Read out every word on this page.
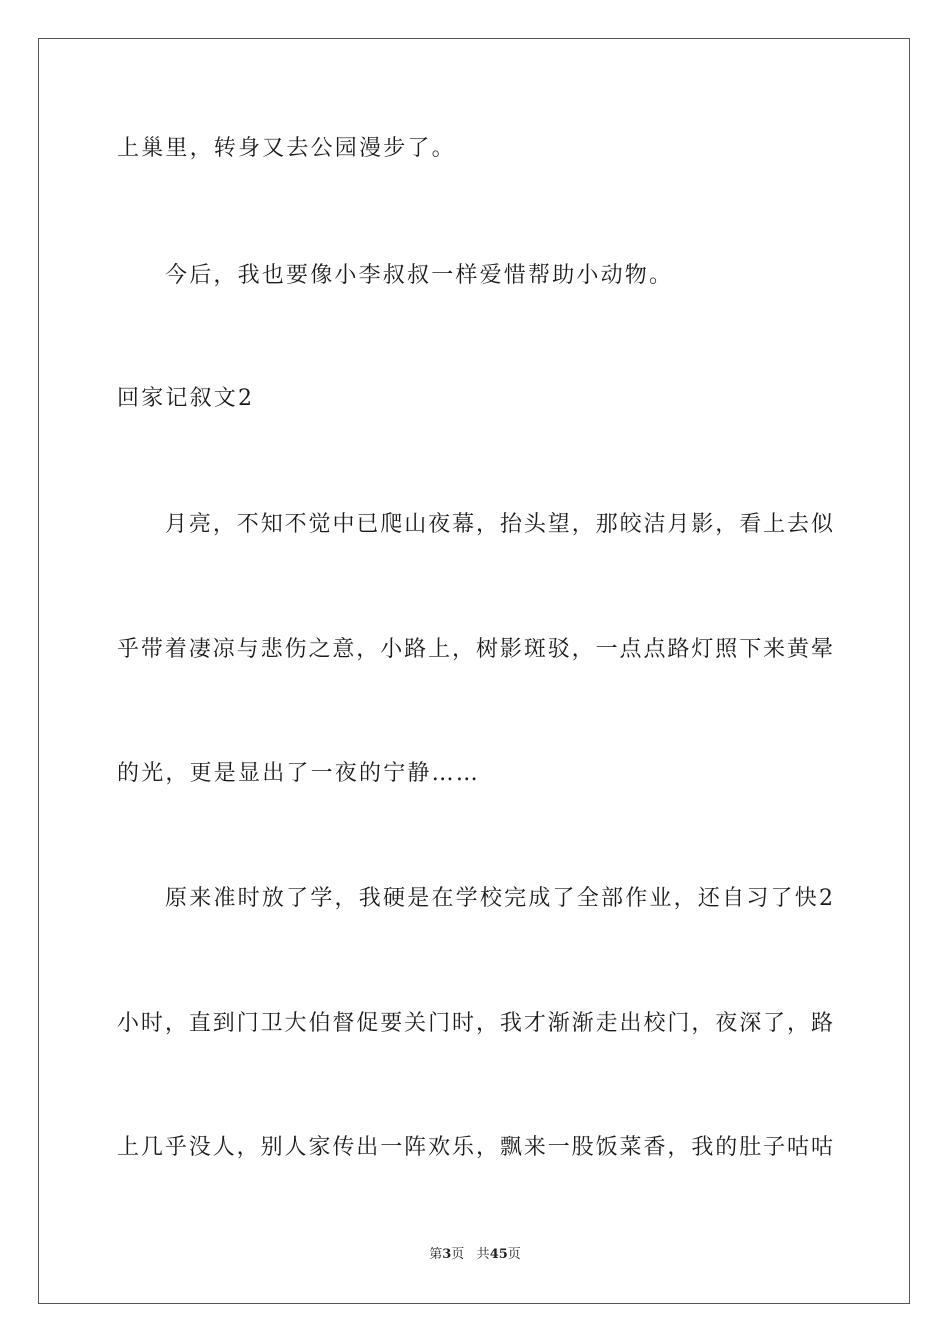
上巢里，转身又去公园漫步了。
今后，我也要像小李叔叔一样爱惜帮助小动物。
回家记叙文2
月亮，不知不觉中已爬山夜幕，抬头望，那皎洁月影，看上去似
乎带着凄凉与悲伤之意，小路上，树影斑驳，一点点路灯照下来黄晕
的光，更是显出了一夜的宁静……
原来准时放了学，我硬是在学校完成了全部作业，还自习了快2
小时，直到门卫大伯督促要关门时，我才渐渐走出校门，夜深了，路
上几乎没人，别人家传出一阵欢乐，飘来一股饭菜香，我的肚子咕咕
第3页 共45页
